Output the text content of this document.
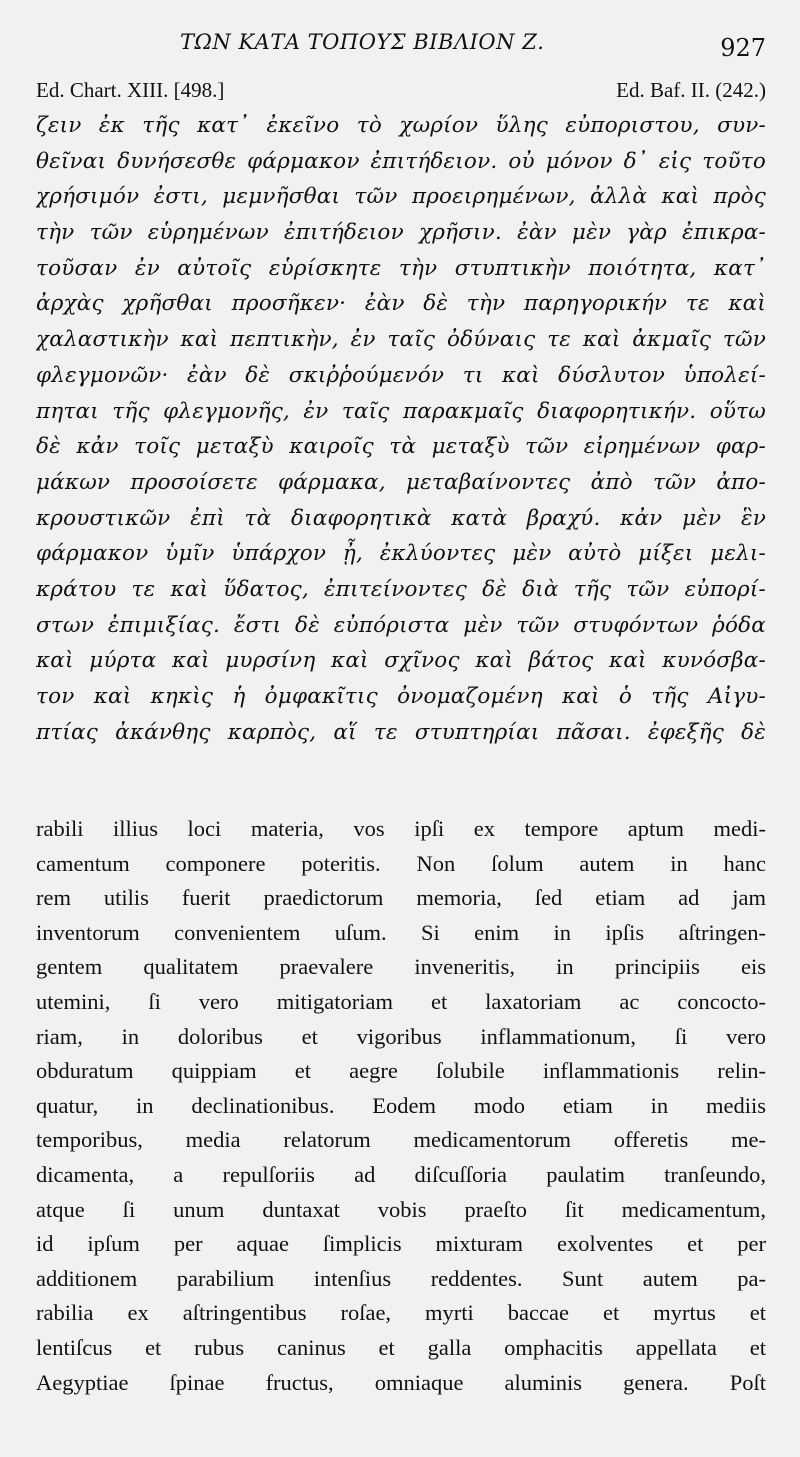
ΤΩΝ ΚΑΤΑ ΤΟΠΟΥΣ ΒΙΒΛΙΟΝ Ζ.	927
Ed. Chart. XIII. [498.]	Ed. Baf. II. (242.)
ζειν ἐκ τῆς κατ᾽ ἐκεῖνο τὸ χωρίον ὕλης εὐποριστου, συν-
θεῖναι δυνήσεσθε φάρμακον ἐπιτήδειον. οὐ μόνον δ᾽ εἰς τοῦτο
χρήσιμόν ἐστι, μεμνῆσθαι τῶν προειρημένων, ἀλλὰ καὶ πρὸς
τὴν τῶν εὑρημένων ἐπιτήδειον χρῆσιν. ἐὰν μὲν γὰρ ἐπικρα-
τοῦσαν ἐν αὐτοῖς εὑρίσκητε τὴν στυπτικὴν ποιότητα, κατ᾽
ἀρχὰς χρῆσθαι προσῆκεν· ἐὰν δὲ τὴν παρηγορικήν τε καὶ
χαλαστικὴν καὶ πεπτικὴν, ἐν ταῖς ὀδύναις τε καὶ ἀκμαῖς τῶν
φλεγμονῶν· ἐὰν δὲ σκιῤῥούμενόν τι καὶ δύσλυτον ὑπολεί-
πηται τῆς φλεγμονῆς, ἐν ταῖς παρακμαῖς διαφορητικήν. οὕτω
δὲ κἀν τοῖς μεταξὺ καιροῖς τὰ μεταξὺ τῶν εἰρημένων φαρ-
μάκων προσοίσετε φάρμακα, μεταβαίνοντες ἀπὸ τῶν ἀπο-
κρουστικῶν ἐπὶ τὰ διαφορητικὰ κατὰ βραχύ. κἀν μὲν ἓν
φάρμακον ὑμῖν ὑπάρχον ᾖ, ἐκλύοντες μὲν αὐτὸ μίξει μελι-
κράτου τε καὶ ὕδατος, ἐπιτείνοντες δὲ διὰ τῆς τῶν εὐπορί-
στων ἐπιμιξίας. ἔστι δὲ εὐπόριστα μὲν τῶν στυφόντων ῥόδα
καὶ μύρτα καὶ μυρσίνη καὶ σχῖνος καὶ βάτος καὶ κυνόσβα-
τον καὶ κηκὶς ἡ ὀμφακῖτις ὀνομαζομένη καὶ ὁ τῆς Αἰγυ-
πτίας ἀκάνθης καρπὸς, αἵ τε στυπτηρίαι πᾶσαι. ἐφεξῆς δὲ
rabili illius loci materia, vos ipſi ex tempore aptum medi-
camentum componere poteritis. Non ſolum autem in hanc
rem utilis fuerit praedictorum memoria, ſed etiam ad jam
inventorum convenientem uſum. Si enim in ipſis aſtringen-
gentem qualitatem praevalere inveneritis, in principiis eis
utemini, ſi vero mitigatoriam et laxatoriam ac concocto-
riam, in doloribus et vigoribus inflammationum, ſi vero
obduratum quippiam et aegre ſolubile inflammationis relin-
quatur, in declinationibus. Eodem modo etiam in mediis
temporibus, media relatorum medicamentorum offeretis me-
dicamenta, a repulſoriis ad diſcuſſoria paulatim tranſeundo,
atque ſi unum duntaxat vobis praeſto ſit medicamentum,
id ipſum per aquae ſimplicis mixturam exolventes et per
additionem parabilium intenſius reddentes. Sunt autem pa-
rabilia ex aſtringentibus roſae, myrti baccae et myrtus et
lentiſcus et rubus caninus et galla omphacitis appellata et
Aegyptiae ſpinae fructus, omniaque aluminis genera. Poſt
